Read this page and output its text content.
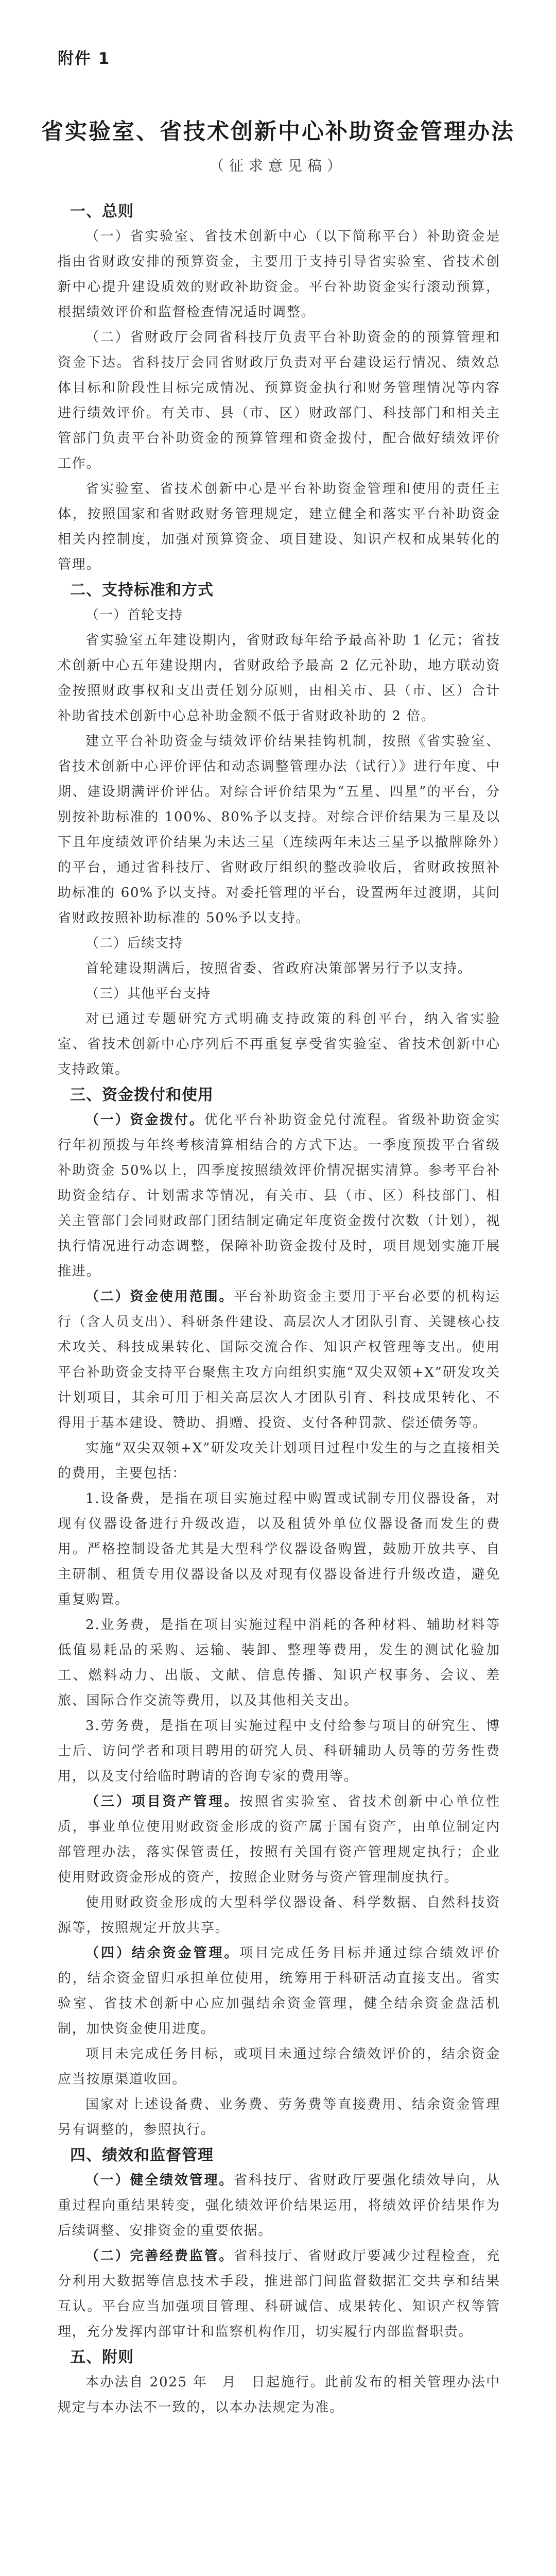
附件 1
省实验室、省技术创新中心补助资金管理办法
（征求意见稿）
一、总则
（一）省实验室、省技术创新中心（以下简称平台）补助资金是指由省财政安排的预算资金，主要用于支持引导省实验室、省技术创新中心提升建设质效的财政补助资金。平台补助资金实行滚动预算，根据绩效评价和监督检查情况适时调整。
（二）省财政厅会同省科技厅负责平台补助资金的的预算管理和资金下达。省科技厅会同省财政厅负责对平台建设运行情况、绩效总体目标和阶段性目标完成情况、预算资金执行和财务管理情况等内容进行绩效评价。有关市、县（市、区）财政部门、科技部门和相关主管部门负责平台补助资金的预算管理和资金拨付，配合做好绩效评价工作。
省实验室、省技术创新中心是平台补助资金管理和使用的责任主体，按照国家和省财政财务管理规定，建立健全和落实平台补助资金相关内控制度，加强对预算资金、项目建设、知识产权和成果转化的管理。
二、支持标准和方式
（一）首轮支持
省实验室五年建设期内，省财政每年给予最高补助 1 亿元；省技术创新中心五年建设期内，省财政给予最高 2 亿元补助，地方联动资金按照财政事权和支出责任划分原则，由相关市、县（市、区）合计补助省技术创新中心总补助金额不低于省财政补助的 2 倍。
建立平台补助资金与绩效评价结果挂钩机制，按照《省实验室、省技术创新中心评价评估和动态调整管理办法（试行）》进行年度、中期、建设期满评价评估。对综合评价结果为“五星、四星”的平台，分别按补助标准的 100%、80%予以支持。对综合评价结果为三星及以下且年度绩效评价结果为未达三星（连续两年未达三星予以撤牌除外）的平台，通过省科技厅、省财政厅组织的整改验收后，省财政按照补助标准的 60%予以支持。对委托管理的平台，设置两年过渡期，其间省财政按照补助标准的 50%予以支持。
（二）后续支持
首轮建设期满后，按照省委、省政府决策部署另行予以支持。
（三）其他平台支持
对已通过专题研究方式明确支持政策的科创平台，纳入省实验室、省技术创新中心序列后不再重复享受省实验室、省技术创新中心支持政策。
三、资金拨付和使用
（一）资金拨付。优化平台补助资金兑付流程。省级补助资金实行年初预拨与年终考核清算相结合的方式下达。一季度预拨平台省级补助资金 50%以上，四季度按照绩效评价情况据实清算。参考平台补助资金结存、计划需求等情况，有关市、县（市、区）科技部门、相关主管部门会同财政部门团结制定确定年度资金拨付次数（计划），视执行情况进行动态调整，保障补助资金拨付及时，项目规划实施开展推进。
（二）资金使用范围。平台补助资金主要用于平台必要的机构运行（含人员支出）、科研条件建设、高层次人才团队引育、关键核心技术攻关、科技成果转化、国际交流合作、知识产权管理等支出。使用平台补助资金支持平台聚焦主攻方向组织实施“双尖双领+X”研发攻关计划项目，其余可用于相关高层次人才团队引育、科技成果转化、不得用于基本建设、赞助、捐赠、投资、支付各种罚款、偿还债务等。
实施“双尖双领+X”研发攻关计划项目过程中发生的与之直接相关的费用，主要包括：
1.设备费，是指在项目实施过程中购置或试制专用仪器设备，对现有仪器设备进行升级改造，以及租赁外单位仪器设备而发生的费用。严格控制设备尤其是大型科学仪器设备购置，鼓励开放共享、自主研制、租赁专用仪器设备以及对现有仪器设备进行升级改造，避免重复购置。
2.业务费，是指在项目实施过程中消耗的各种材料、辅助材料等低值易耗品的采购、运输、装卸、整理等费用，发生的测试化验加工、燃料动力、出版、文献、信息传播、知识产权事务、会议、差旅、国际合作交流等费用，以及其他相关支出。
3.劳务费，是指在项目实施过程中支付给参与项目的研究生、博士后、访问学者和项目聘用的研究人员、科研辅助人员等的劳务性费用，以及支付给临时聘请的咨询专家的费用等。
（三）项目资产管理。按照省实验室、省技术创新中心单位性质，事业单位使用财政资金形成的资产属于国有资产，由单位制定内部管理办法，落实保管责任，按照有关国有资产管理规定执行；企业使用财政资金形成的资产，按照企业财务与资产管理制度执行。
使用财政资金形成的大型科学仪器设备、科学数据、自然科技资源等，按照规定开放共享。
（四）结余资金管理。项目完成任务目标并通过综合绩效评价的，结余资金留归承担单位使用，统筹用于科研活动直接支出。省实验室、省技术创新中心应加强结余资金管理，健全结余资金盘活机制，加快资金使用进度。
项目未完成任务目标，或项目未通过综合绩效评价的，结余资金应当按原渠道收回。
国家对上述设备费、业务费、劳务费等直接费用、结余资金管理另有调整的，参照执行。
四、绩效和监督管理
（一）健全绩效管理。省科技厅、省财政厅要强化绩效导向，从重过程向重结果转变，强化绩效评价结果运用，将绩效评价结果作为后续调整、安排资金的重要依据。
（二）完善经费监管。省科技厅、省财政厅要减少过程检查，充分利用大数据等信息技术手段，推进部门间监督数据汇交共享和结果互认。平台应当加强项目管理、科研诚信、成果转化、知识产权等管理，充分发挥内部审计和监察机构作用，切实履行内部监督职责。
五、附则
本办法自 2025 年　月　日起施行。此前发布的相关管理办法中规定与本办法不一致的，以本办法规定为准。
